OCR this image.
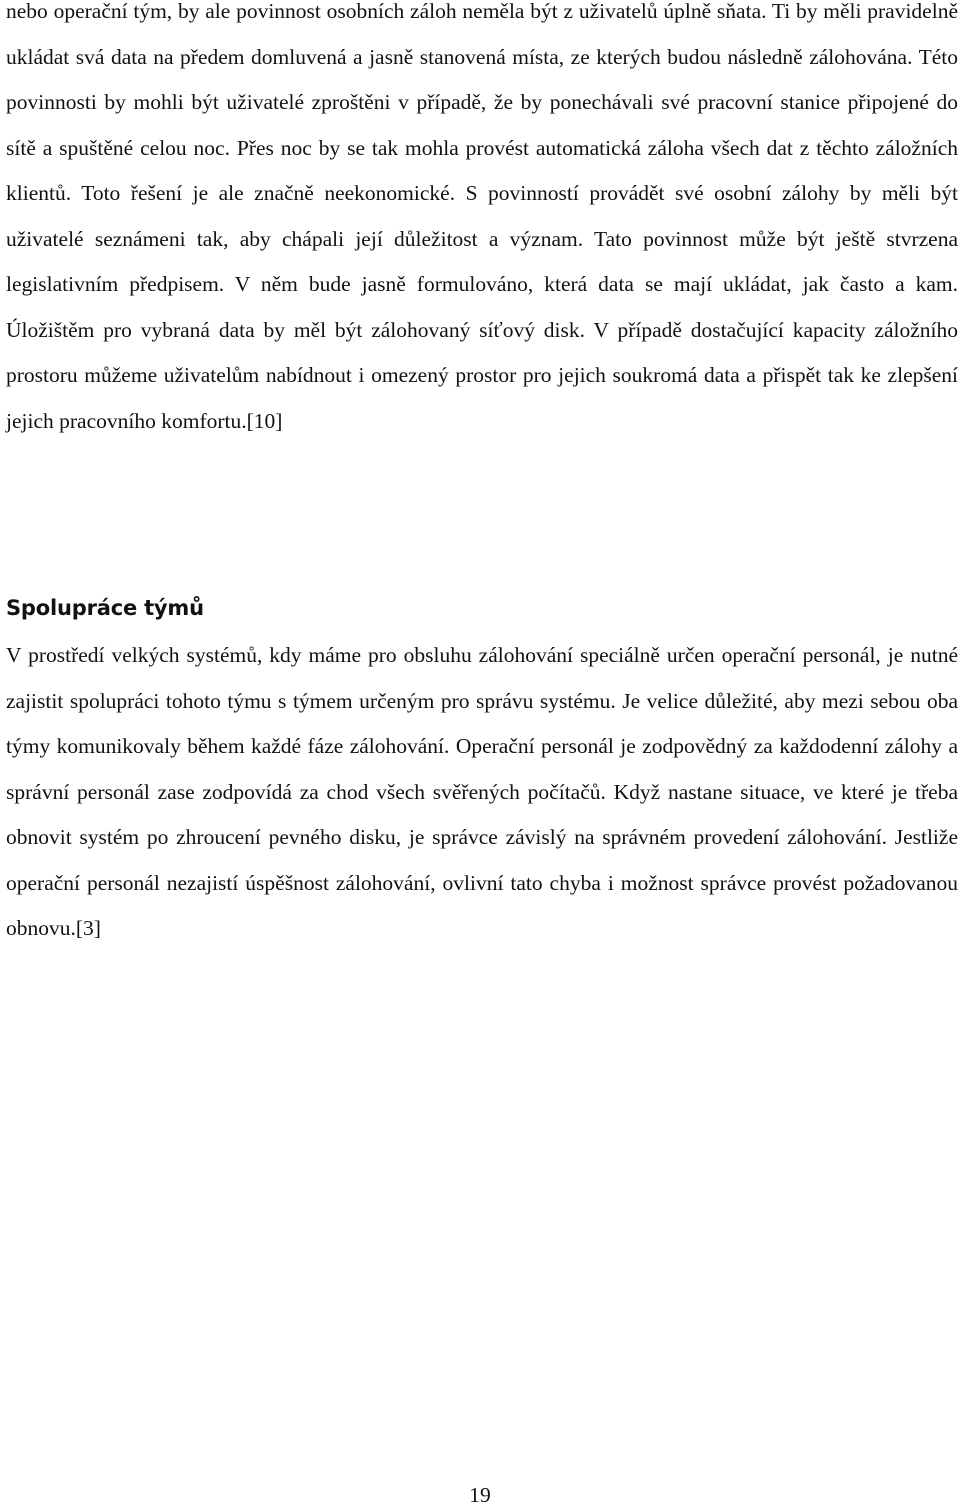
nebo operační tým, by ale povinnost osobních záloh neměla být z uživatelů úplně sňata. Ti by měli pravidelně ukládat svá data na předem domluvená a jasně stanovená místa, ze kterých budou následně zálohována. Této povinnosti by mohli být uživatelé zproštěni v případě, že by ponechávali své pracovní stanice připojené do sítě a spuštěné celou noc. Přes noc by se tak mohla provést automatická záloha všech dat z těchto záložních klientů. Toto řešení je ale značně neekonomické. S povinností provádět své osobní zálohy by měli být uživatelé seznámeni tak, aby chápali její důležitost a význam. Tato povinnost může být ještě stvrzena legislativním předpisem. V něm bude jasně formulováno, která data se mají ukládat, jak často a kam. Úložištěm pro vybraná data by měl být zálohovaný síťový disk. V případě dostačující kapacity záložního prostoru můžeme uživatelům nabídnout i omezený prostor pro jejich soukromá data a přispět tak ke zlepšení jejich pracovního komfortu.[10]

Spolupráce týmů

V prostředí velkých systémů, kdy máme pro obsluhu zálohování speciálně určen operační personál, je nutné zajistit spolupráci tohoto týmu s týmem určeným pro správu systému. Je velice důležité, aby mezi sebou oba týmy komunikovaly během každé fáze zálohování. Operační personál je zodpovědný za každodenní zálohy a správní personál zase zodpovídá za chod všech svěřených počítačů. Když nastane situace, ve které je třeba obnovit systém po zhroucení pevného disku, je správce závislý na správném provedení zálohování. Jestliže operační personál nezajistí úspěšnost zálohování, ovlivní tato chyba i možnost správce provést požadovanou obnovu.[3]

19
